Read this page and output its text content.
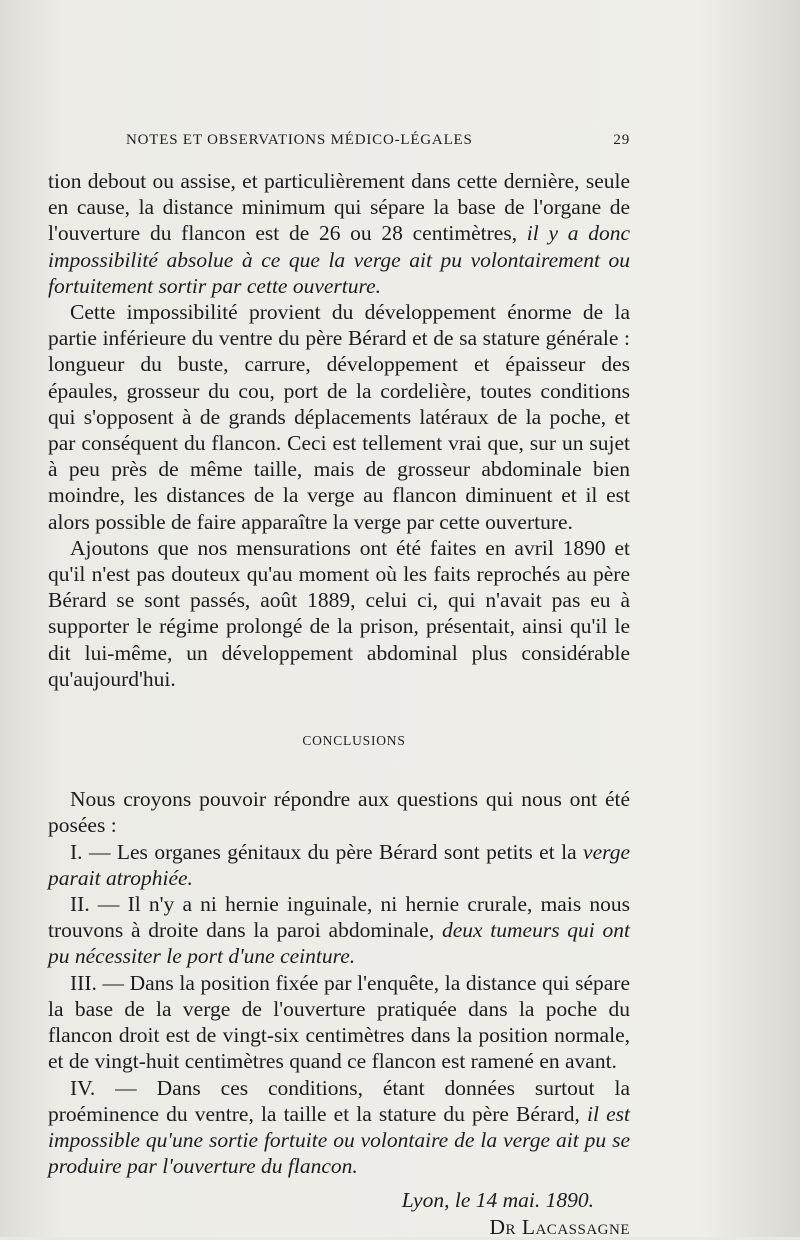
NOTES ET OBSERVATIONS MÉDICO-LÉGALES	29

tion debout ou assise, et particulièrement dans cette dernière, seule en cause, la distance minimum qui sépare la base de l'organe de l'ouverture du flancon est de 26 ou 28 centimètres, il y a donc impossibilité absolue à ce que la verge ait pu volontairement ou fortuitement sortir par cette ouverture.

Cette impossibilité provient du développement énorme de la partie inférieure du ventre du père Bérard et de sa stature générale : longueur du buste, carrure, développement et épaisseur des épaules, grosseur du cou, port de la cordelière, toutes conditions qui s'opposent à de grands déplacements latéraux de la poche, et par conséquent du flancon. Ceci est tellement vrai que, sur un sujet à peu près de même taille, mais de grosseur abdominale bien moindre, les distances de la verge au flancon diminuent et il est alors possible de faire apparaître la verge par cette ouverture.

Ajoutons que nos mensurations ont été faites en avril 1890 et qu'il n'est pas douteux qu'au moment où les faits reprochés au père Bérard se sont passés, août 1889, celui ci, qui n'avait pas eu à supporter le régime prolongé de la prison, présentait, ainsi qu'il le dit lui-même, un développement abdominal plus considérable qu'aujourd'hui.

CONCLUSIONS

Nous croyons pouvoir répondre aux questions qui nous ont été posées :

I. — Les organes génitaux du père Bérard sont petits et la verge parait atrophiée.

II. — Il n'y a ni hernie inguinale, ni hernie crurale, mais nous trouvons à droite dans la paroi abdominale, deux tumeurs qui ont pu nécessiter le port d'une ceinture.

III. — Dans la position fixée par l'enquête, la distance qui sépare la base de la verge de l'ouverture pratiquée dans la poche du flancon droit est de vingt-six centimètres dans la position normale, et de vingt-huit centimètres quand ce flancon est ramené en avant.

IV. — Dans ces conditions, étant données surtout la proéminence du ventre, la taille et la stature du père Bérard, il est impossible qu'une sortie fortuite ou volontaire de la verge ait pu se produire par l'ouverture du flancon.

Lyon, le 14 mai. 1890.

Dr Lacassagne
